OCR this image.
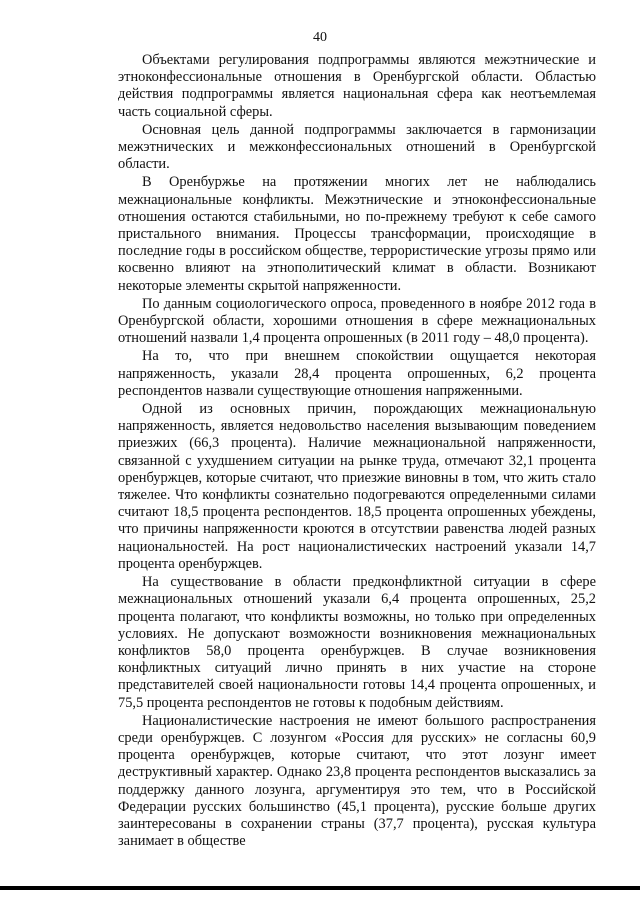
40

Объектами регулирования подпрограммы являются межэтнические и этноконфессиональные отношения в Оренбургской области. Областью действия подпрограммы является национальная сфера как неотъемлемая часть социальной сферы.

Основная цель данной подпрограммы заключается в гармонизации межэтнических и межконфессиональных отношений в Оренбургской области.

В Оренбуржье на протяжении многих лет не наблюдались межнациональные конфликты. Межэтнические и этноконфессиональные отношения остаются стабильными, но по-прежнему требуют к себе самого пристального внимания. Процессы трансформации, происходящие в последние годы в российском обществе, террористические угрозы прямо или косвенно влияют на этнополитический климат в области. Возникают некоторые элементы скрытой напряженности.

По данным социологического опроса, проведенного в ноябре 2012 года в Оренбургской области, хорошими отношения в сфере межнациональных отношений назвали 1,4 процента опрошенных (в 2011 году – 48,0 процента).

На то, что при внешнем спокойствии ощущается некоторая напряженность, указали 28,4 процента опрошенных, 6,2 процента респондентов назвали существующие отношения напряженными.

Одной из основных причин, порождающих межнациональную напряженность, является недовольство населения вызывающим поведением приезжих (66,3 процента). Наличие межнациональной напряженности, связанной с ухудшением ситуации на рынке труда, отмечают 32,1 процента оренбуржцев, которые считают, что приезжие виновны в том, что жить стало тяжелее. Что конфликты сознательно подогреваются определенными силами считают 18,5 процента респондентов. 18,5 процента опрошенных убеждены, что причины напряженности кроются в отсутствии равенства людей разных национальностей. На рост националистических настроений указали 14,7 процента оренбуржцев.

На существование в области предконфликтной ситуации в сфере межнациональных отношений указали 6,4 процента опрошенных, 25,2 процента полагают, что конфликты возможны, но только при определенных условиях. Не допускают возможности возникновения межнациональных конфликтов 58,0 процента оренбуржцев. В случае возникновения конфликтных ситуаций лично принять в них участие на стороне представителей своей национальности готовы 14,4 процента опрошенных, и 75,5 процента респондентов не готовы к подобным действиям.

Националистические настроения не имеют большого распространения среди оренбуржцев. С лозунгом «Россия для русских» не согласны 60,9 процента оренбуржцев, которые считают, что этот лозунг имеет деструктивный характер. Однако 23,8 процента респондентов высказались за поддержку данного лозунга, аргументируя это тем, что в Российской Федерации русских большинство (45,1 процента), русские больше других заинтересованы в сохранении страны (37,7 процента), русская культура занимает в обществе
